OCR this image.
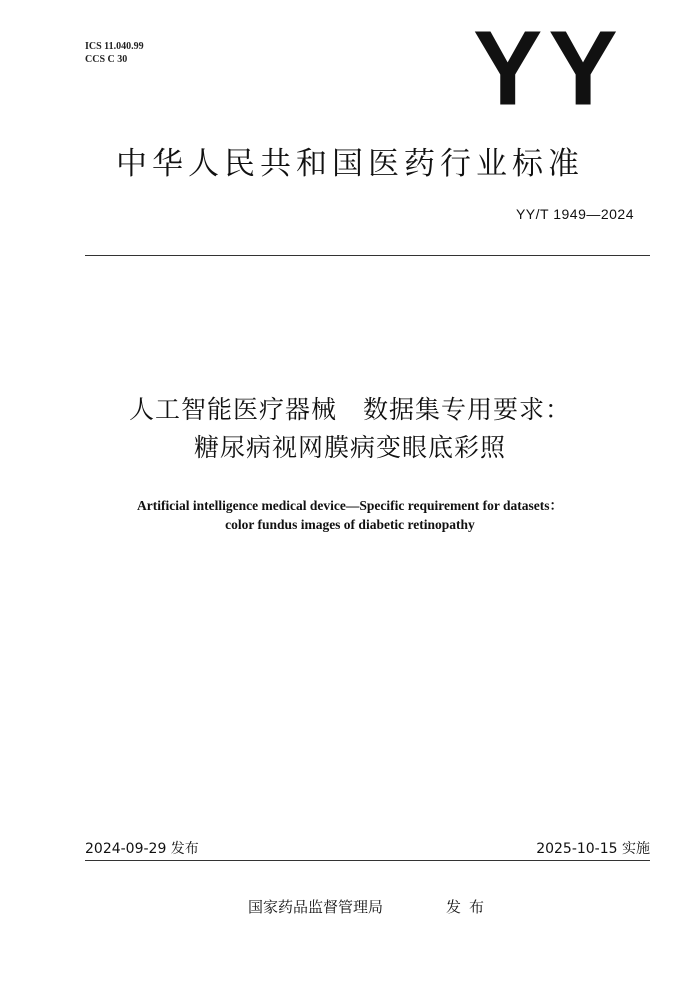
ICS 11.040.99
CCS C 30	YY
中华人民共和国医药行业标准
YY/T 1949—2024
人工智能医疗器械　数据集专用要求：
糖尿病视网膜病变眼底彩照
Artificial intelligence medical device—Specific requirement for datasets：
color fundus images of diabetic retinopathy
2024-09-29 发布	2025-10-15 实施
国家药品监督管理局	发布
